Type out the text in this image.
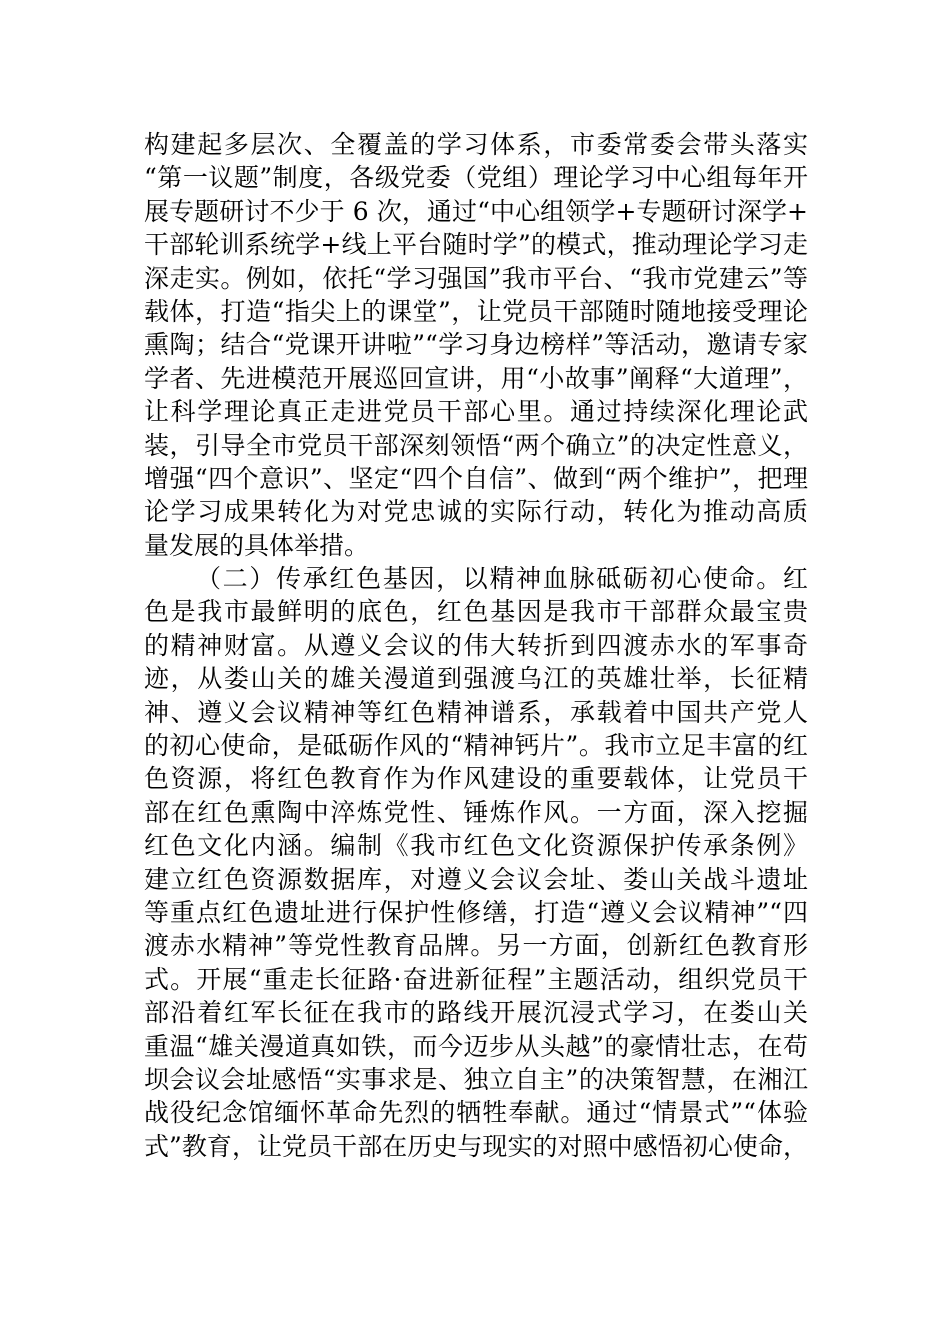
构建起多层次、全覆盖的学习体系，市委常委会带头落实
“第一议题”制度，各级党委（党组）理论学习中心组每年开
展专题研讨不少于 6 次，通过“中心组领学+专题研讨深学+
干部轮训系统学+线上平台随时学”的模式，推动理论学习走
深走实。例如，依托“学习强国”我市平台、“我市党建云”等
载体，打造“指尖上的课堂”，让党员干部随时随地接受理论
熏陶；结合“党课开讲啦”“学习身边榜样”等活动，邀请专家
学者、先进模范开展巡回宣讲，用“小故事”阐释“大道理”，
让科学理论真正走进党员干部心里。通过持续深化理论武
装，引导全市党员干部深刻领悟“两个确立”的决定性意义，
增强“四个意识”、坚定“四个自信”、做到“两个维护”，把理
论学习成果转化为对党忠诚的实际行动，转化为推动高质
量发展的具体举措。
（二）传承红色基因，以精神血脉砥砺初心使命。红
色是我市最鲜明的底色，红色基因是我市干部群众最宝贵
的精神财富。从遵义会议的伟大转折到四渡赤水的军事奇
迹，从娄山关的雄关漫道到强渡乌江的英雄壮举，长征精
神、遵义会议精神等红色精神谱系，承载着中国共产党人
的初心使命，是砥砺作风的“精神钙片”。我市立足丰富的红
色资源，将红色教育作为作风建设的重要载体，让党员干
部在红色熏陶中淬炼党性、锤炼作风。一方面，深入挖掘
红色文化内涵。编制《我市红色文化资源保护传承条例》
建立红色资源数据库，对遵义会议会址、娄山关战斗遗址
等重点红色遗址进行保护性修缮，打造“遵义会议精神”“四
渡赤水精神”等党性教育品牌。另一方面，创新红色教育形
式。开展“重走长征路·奋进新征程”主题活动，组织党员干
部沿着红军长征在我市的路线开展沉浸式学习，在娄山关
重温“雄关漫道真如铁，而今迈步从头越”的豪情壮志，在苟
坝会议会址感悟“实事求是、独立自主”的决策智慧，在湘江
战役纪念馆缅怀革命先烈的牺牲奉献。通过“情景式”“体验
式”教育，让党员干部在历史与现实的对照中感悟初心使命，
